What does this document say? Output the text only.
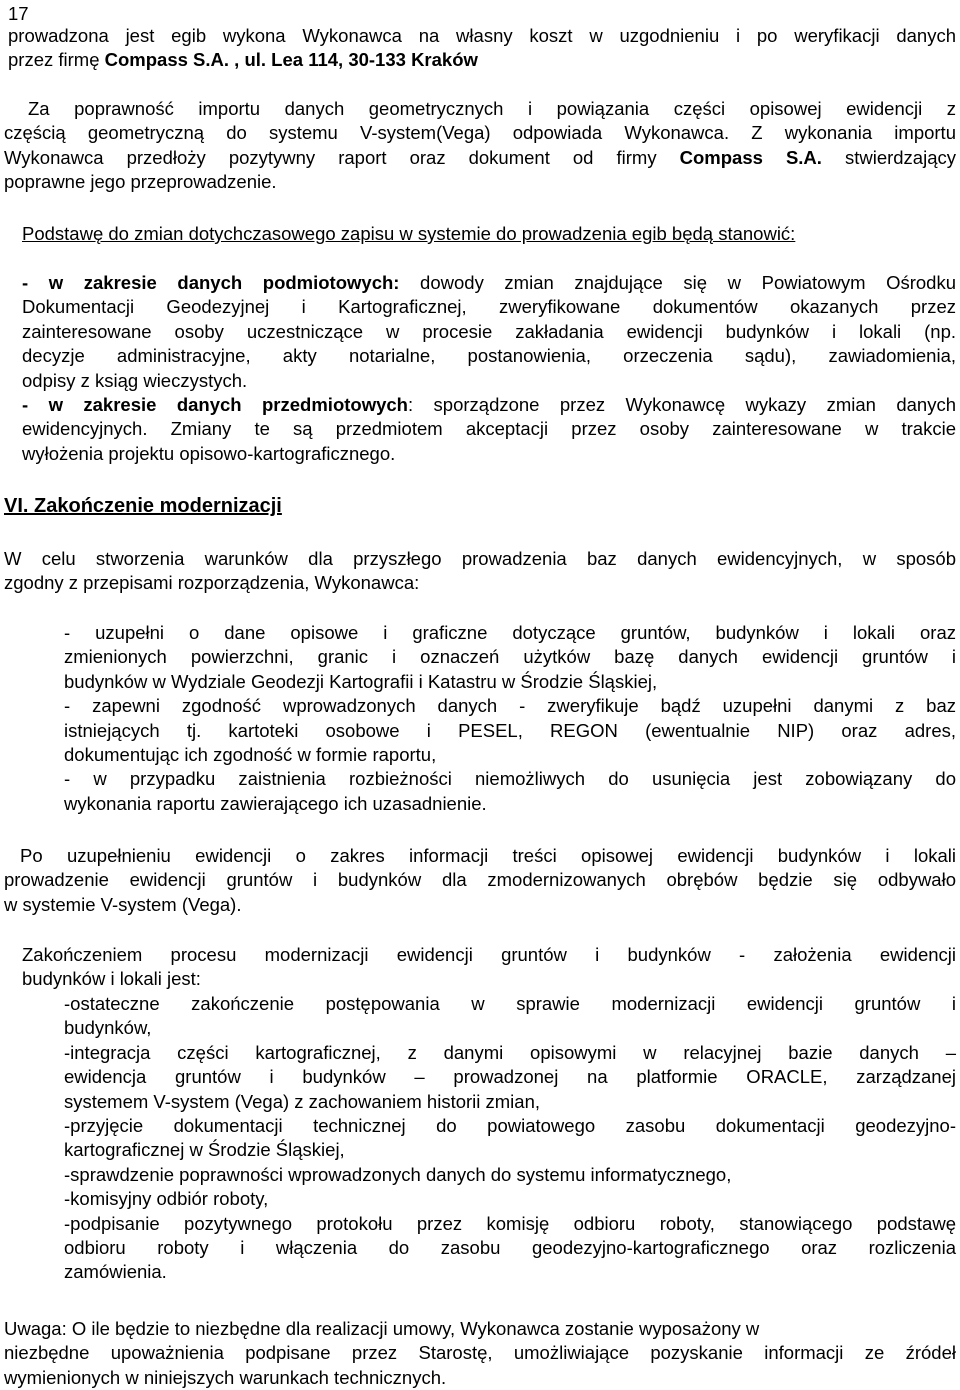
17
prowadzona jest egib wykona Wykonawca na własny koszt w uzgodnieniu i po weryfikacji danych
przez firmę Compass S.A. , ul. Lea 114, 30-133 Kraków
Za poprawność importu danych geometrycznych i powiązania części opisowej ewidencji z
częścią geometryczną do systemu V-system(Vega) odpowiada Wykonawca. Z wykonania importu
Wykonawca przedłoży pozytywny raport oraz dokument od firmy Compass S.A. stwierdzający
poprawne jego przeprowadzenie.
Podstawę do zmian dotychczasowego zapisu w systemie do prowadzenia egib będą stanowić:
- w zakresie danych podmiotowych: dowody zmian znajdujące się w Powiatowym Ośrodku
Dokumentacji Geodezyjnej i Kartograficznej, zweryfikowane dokumentów okazanych przez
zainteresowane osoby uczestniczące w procesie zakładania ewidencji budynków i lokali (np.
decyzje administracyjne, akty notarialne, postanowienia, orzeczenia sądu), zawiadomienia,
odpisy z ksiąg wieczystych.
- w zakresie danych przedmiotowych: sporządzone przez Wykonawcę wykazy zmian danych
ewidencyjnych. Zmiany te są przedmiotem akceptacji przez osoby zainteresowane w trakcie
wyłożenia projektu opisowo-kartograficznego.
VI. Zakończenie modernizacji
W celu stworzenia warunków dla przyszłego prowadzenia baz danych ewidencyjnych, w sposób
zgodny z przepisami rozporządzenia, Wykonawca:
- uzupełni o dane opisowe i graficzne dotyczące gruntów, budynków i lokali oraz
zmienionych powierzchni, granic i oznaczeń użytków bazę danych ewidencji gruntów i
budynków w Wydziale Geodezji Kartografii i Katastru w Środzie Śląskiej,
- zapewni zgodność wprowadzonych danych - zweryfikuje bądź uzupełni danymi z baz
istniejących tj. kartoteki osobowe i PESEL, REGON (ewentualnie NIP) oraz adres,
dokumentując ich zgodność w formie raportu,
- w przypadku zaistnienia rozbieżności niemożliwych do usunięcia jest zobowiązany do
wykonania raportu zawierającego ich uzasadnienie.
Po uzupełnieniu ewidencji o zakres informacji treści opisowej ewidencji budynków i lokali
prowadzenie ewidencji gruntów i budynków dla zmodernizowanych obrębów będzie się odbywało
w systemie V-system (Vega).
Zakończeniem procesu modernizacji ewidencji gruntów i budynków - założenia ewidencji
budynków i lokali jest:
-ostateczne zakończenie postępowania w sprawie modernizacji ewidencji gruntów i
budynków,
-integracja części kartograficznej, z danymi opisowymi w relacyjnej bazie danych –
ewidencja gruntów i budynków – prowadzonej na platformie ORACLE, zarządzanej
systemem V-system (Vega) z zachowaniem historii zmian,
-przyjęcie dokumentacji technicznej do powiatowego zasobu dokumentacji geodezyjno-
kartograficznej w Środzie Śląskiej,
-sprawdzenie poprawności wprowadzonych danych do systemu informatycznego,
-komisyjny odbiór roboty,
-podpisanie pozytywnego protokołu przez komisję odbioru roboty, stanowiącego podstawę
odbioru roboty i włączenia do zasobu geodezyjno-kartograficznego oraz rozliczenia
zamówienia.
Uwaga: O ile będzie to niezbędne dla realizacji umowy, Wykonawca zostanie wyposażony w
niezbędne upoważnienia podpisane przez Starostę, umożliwiające pozyskanie informacji ze źródeł
wymienionych w niniejszych warunkach technicznych.
